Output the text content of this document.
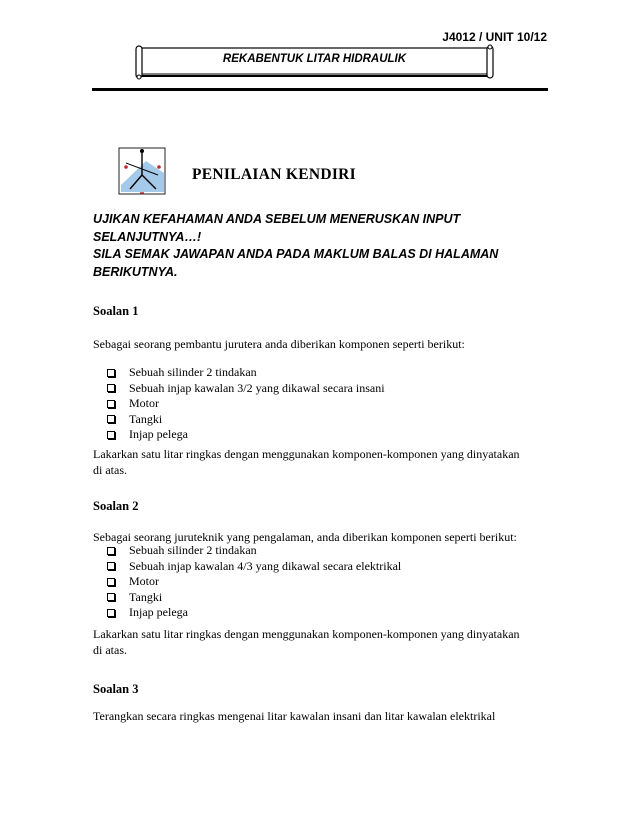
J4012 / UNIT 10/12
REKABENTUK LITAR HIDRAULIK
PENILAIAN KENDIRI

UJIKAN KEFAHAMAN ANDA SEBELUM MENERUSKAN INPUT

SELANJUTNYA…!

SILA SEMAK JAWAPAN ANDA PADA MAKLUM BALAS DI HALAMAN

BERIKUTNYA.

Soalan 1

Sebagai seorang pembantu jurutera anda diberikan komponen seperti berikut:

Sebuah silinder 2 tindakan
Sebuah injap kawalan 3/2 yang dikawal secara insani
Motor
Tangki
Injap pelega

Lakarkan satu litar ringkas dengan menggunakan komponen-komponen yang dinyatakan

di atas.

Soalan 2

Sebagai seorang juruteknik yang pengalaman, anda diberikan komponen seperti berikut:

Sebuah silinder 2 tindakan
Sebuah injap kawalan 4/3 yang dikawal secara elektrikal
Motor
Tangki
Injap pelega

Lakarkan satu litar ringkas dengan menggunakan komponen-komponen yang dinyatakan

di atas.

Soalan 3

Terangkan secara ringkas mengenai litar kawalan insani dan litar kawalan elektrikal
